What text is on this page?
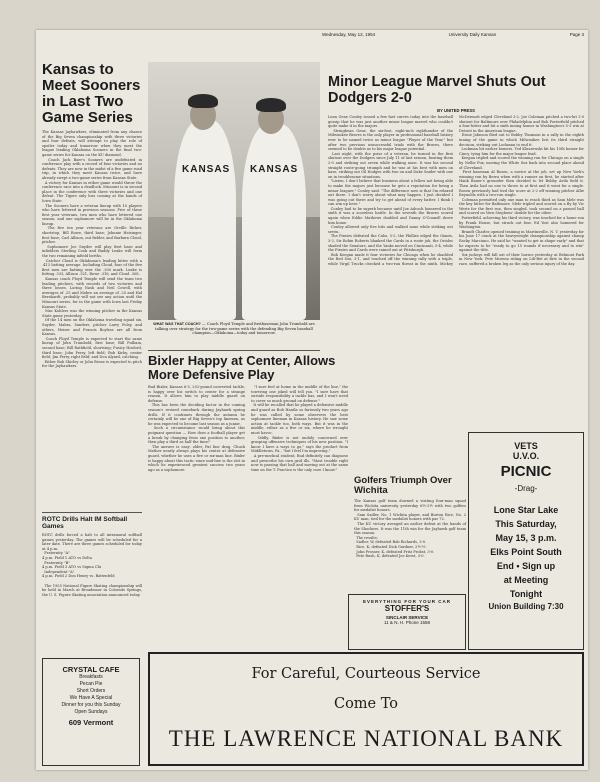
Wednesday, May 12, 1954	University Daily Kansan	Page 3
Kansas to Meet Sooners in Last Two Game Series
The Kansas Jayhawkers, eliminated from any chance of the Big Seven championship with three victories and four defeats, will attempt to play the role of spoiler today and tomorrow when they meet the league leading Oklahoma Sooners in the final two-game series for Kansas on the KU diamond.
Coach Jack Baer's Sooners are undefeated in conference play with a record of four victories and no defeats. They are now in the midst of a five game road trip, in which they meet Kansas twice, and have already swept a two-game series from Kansas State.
A victory for Kansas in either game would throw the conference race into a deadlock. Missouri is in second place in the conference with three victories and one defeat. The Tigers only loss coming at the hands of Iowa State.
The Sooners have a veteran lineup with 10 players who have lettered in previous seasons. Five of these first year veterans, two men who have lettered one season, and one sophomore will be in the Oklahoma lineup.
The five ten year veterans are Orville Ricker, shortstop, Bill Rowe, third base; Johnnie Heisinger, first base; Carl Allison, out fielder, and Barbara Cloud, pitcher.
Sophomore Joe Snyder will play first base and infielders Sterling Cook and Buddy Leake will form the two remaining infield berths.
Catcher Cloud is Oklahoma's leading hitter with a .413 batting average. Including Cloud, four of the five first men are batting over the .300 mark. Leake is hitting .333, Allison .321, Rowe .316, and Cloud .308.
Kansas coach Floyd Temple will send the team two leading pitchers, with records of two victories and three losses. Loring Nash and Neil Cowell, with averages of .25 and Mobre an average of .25 and Hal Bernhardt, probably will not see any action until the Missouri series, for in the game with Iowa last Friday Kansas State.
Mac Kohlers was the winning pitcher in the Kansas State game yesterday.
Of the 14 men on the Oklahoma traveling squad six, Snyder, Mabra, Sanders, pitcher Larry Foley, and others, Heiser and Francis Boyless are all from Kansas.
Coach Floyd Temple is expected to start the same lineup of John Trumbold, first base; Bill Pulliam, second base; Bill Rathfield, shortstop; Pusicy Hosford, third base; John Perry, left field; Bob Kirby, center field; Jim Perry, right field; and Don Alyard, catching.
Either Bob Shirley or John Besse is expected to pitch for the Jayhawkers.
ROTC Drills Halt IM Softball Games
ROTC drills forced a halt to all intramural softball games yesterday. The games will be scheduled for a later date. There are three games scheduled for today at 4 p.m.
Fraternity "A"
4 p.m. Field 1 ATO vs Delta
Fraternity "B"
4 p.m. Field 3 ATO vs Sigma Chi
Independent "A"
4 p.m. Field 2 Don Henry vs. Battenfeld

The 1955 National Figure Skating championship will be held in March at Broadmoor in Colorado Springs, the U. S. Figure Skating association announced today.
CRYSTAL CAFE
Breakfasts
Pecan Pie
Short Orders
We Have A Special
Dinner for you this Sunday
Open Sundays
609 Vermont
KANSAS KANSAS
WHAT WAS THAT COACH? — Coach Floyd Temple and firstbaseman John Trumbold are talking over strategy for the two-game series with the defending Big Seven baseball champion—Oklahoma—today and tomorrow.
Bixler Happy at Center, Allows More Defensive Play
Bud Bixler, Kansas 6-5, 252-pound converted tackle, is happy over his switch to center for a strange reason. It allows him to play middle guard on defense.
This has been the deciding factor in the coming season's revised comeback during Jayhawk spring drills. If it continues through the autumn he certainly will be one of Big Seven's top linemen, as he was expected to become last season as a junior.
Such a circumstance would bring about this poignant question — How does a football player get a break by changing from one position to another, then play a third as half the time?
The answer is easy: older, Pat line drag, Chuck Mather nearly always plays his center at defensive guard, whether he uses a five or six-man line. Bixler is happy about this tactic since mid-line is the slot in which he experienced greatest success two years ago as a sophomore.
"I sure feel at home in the middle of the line," the towering one joked will tell you. "I sure have that outside responsibility a tackle has, and I won't need to cover so much ground on defense."
It will be recalled that he played a defensive middle and guard as Bob Hantla so furiously two years ago he was called by some observers the best sophomore lineman in Kansas history. He saw some action at tackle too, both ways. But it was in the middle, either as a five or six, where he wrought most havoc.
Oddly, Bixler is not unduly concerned over grasping offensive techniques of his new position. "I know I have a ways to go," says the product from Middletown, Pa., "but I feel I'm improving."
A pre-medical student, Bud definitely can diagnose and prescribe his own grid ills. "Most trouble right now is passing that ball and moving out at the same time on the T. Practice is the only cure I know."
Golfers Triumph Over Wichita
The Kansas golf team downed a visiting four-man squad from Wichita university yesterday 6½-2½ with two golfers for medalist honors.
Sam Sadler, No. 1 Wichita player, and Burton Rice, No. 2 KU man, tied for the medalist honors with par 72.
The KU victory avenged an earlier defeat at the hands of the Shockers. It was the 11th win for the Jayhawk golf team this season.
The results:
Sadler, W, defeated Bob Richards, 3-0.
Rice, K, defeated Dick Gardner, 2½-½.
John Prosser, K, defeated Fritz Probst, 3-0.
Pete Rush, K, defeated Joe Kerst, 3-0.
EVERYTHING FOR YOUR CAR
STOFFER'S
SINCLAIR SERVICE
11 & N. H. Phone 1558
Minor League Marvel Shuts Out Dodgers 2-0
BY UNITED PRESS
Lean Gene Conley tossed a few fast curves today into the baseball gossip that he was just another minor league marvel who couldn't quite make it in the majors.
Stringbean Gene, the six-foot, eight-inch righthander of the Milwaukee Braves is the only player in professional baseball history ever to be named twice as minor league "Player of the Year," but after two previous unsuccessful trials with the Braves, there seemed to be doubts as to his major league potential.
Last night, with the poise of a veteran, he turned in the first shutout over the Dodgers since July 11 of last season, beating them 2-0 and striking out seven while walking none. It was his second straight route-going triumph and he was at his best with men on base, striking out Gil Hodges with two on and Duke Snider with one on in troublesome situations.
"Listen, I don't believe that business about a fellow not being able to make the majors just because he gets a reputation for being a minor leaguer," Conley said. "The difference now is that I'm relaxed out there. I don't worry about what may happen. I just decided I was going out there and try to get ahead of every batter. I think I can win up here."
Conley had to be superb because until Joe Adcock homered in the sixth it was a scoreless battle. In the seventh the Braves scored again when Eddie Mathews doubled and Danny O'Connell drove him home.
Conley allowed only five hits and walked none while striking out seven.
The Pirates defeated the Cubs, 5-2, the Phillies edged the Giants, 3-2, Sir Robin Roberts blanked the Cards in a route job, the Orioles shaded the Senators, and the Yanks moved on Cincinnati, 5-4, while the Pirates and Cards were rained out at Pittsburgh.
Bob Keegan made it four victories for Chicago when he shackled the Red Sox, 3-1, and touched off the winning rally with a triple, while Virgil Trucks checked a two-run threat in the ninth. Mickey McDermott edged Cleveland 3-2. Joe Coleman pitched a two-hit 2-0 shutout for Baltimore over Philadelphia and Bob Porterfield pitched a four-hitter and hit a sixth inning homer in Washington's 5-3 win at Detroit in the American league.
Ernie Johnson flied out to Bobby Thomson in a rally in the eighth inning of the game in which Milwaukee lost its third straight decision, striking out Lockman to end it.
Lockman hit earlier homers. Ted Kluszewski hit his 10th homer for Cincy, tying him for the major league lead.
Keegan tripled and scored the winning run for Chicago on a single by Nellie Fox, moving the White Sox back into second place ahead of Cleveland.
First baseman Al Rosen, a novice at the job, set up New York's winning run by Berra when with a runner on first, he started after Hank Bauer's grounder then decided to let Bobby Avila field it. Then Avila had no one to throw to at first and it went for a single. Rosen previously had tied the score at 2-2 off winning pitcher Allie Reynolds with a two-run single.
Coleman permitted only one man to reach third as Sam Mele was the key hitter for Baltimore. Mele tripled and scored on a fly by Vic Wertz for the first run, then singled, took second on a passed ball and scored on Vern Stephens' double for the other.
Porterfield, achieving his third victory, was touched for a home run by Frank House, but struck out four. Ed Yost also homered for Washington.
Brandt Charles opened training in Martinsville, N. Y. yesterday for his June 17 crack at the heavyweight championship against champ Rocky Marciano. He said he "wanted to get in shape early" and that he expects to be "ready to go 15 rounds if necessary and to win" against the title.
Six jockeys will fall out of their horses yesterday at Belmont Park in New York. Pete Moreno riding on Lili-Bet at first in the second race, suffered a broken leg as the only serious injury of the day.
VETS
U.V.O.
PICNIC
-Drag-
Lone Star Lake
This Saturday,
May 15, 3 p.m.
Elks Point South
End • Sign up
at Meeting
Tonight
Union Building 7:30
For Careful, Courteous Service
Come To
THE LAWRENCE NATIONAL BANK
